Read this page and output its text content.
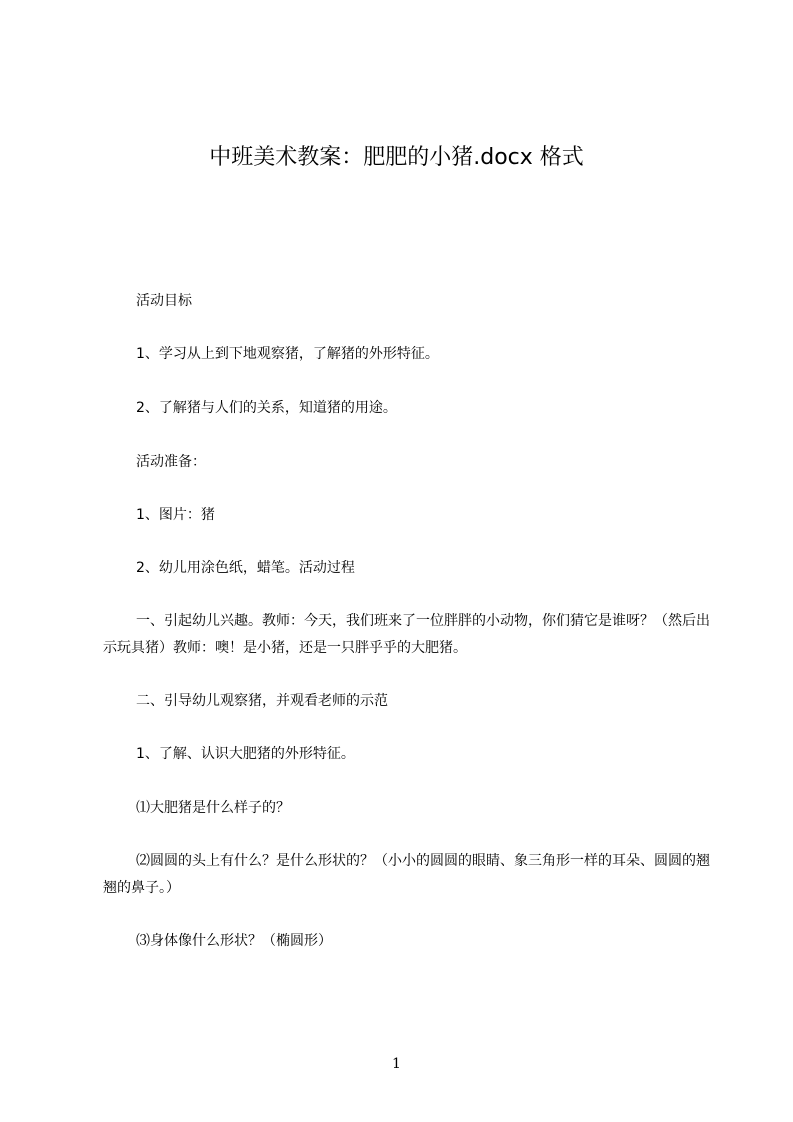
中班美术教案：肥肥的小猪.docx 格式

活动目标

1、学习从上到下地观察猪，了解猪的外形特征。

2、了解猪与人们的关系，知道猪的用途。

活动准备：

1、图片：猪

2、幼儿用涂色纸，蜡笔。活动过程

一、引起幼儿兴趣。教师：今天，我们班来了一位胖胖的小动物，你们猜它是谁呀？（然后出示玩具猪）教师：噢！是小猪，还是一只胖乎乎的大肥猪。

二、引导幼儿观察猪，并观看老师的示范

1、了解、认识大肥猪的外形特征。

⑴大肥猪是什么样子的？

⑵圆圆的头上有什么？是什么形状的？（小小的圆圆的眼睛、象三角形一样的耳朵、圆圆的翘翘的鼻子。）

⑶身体像什么形状？（椭圆形）

1
